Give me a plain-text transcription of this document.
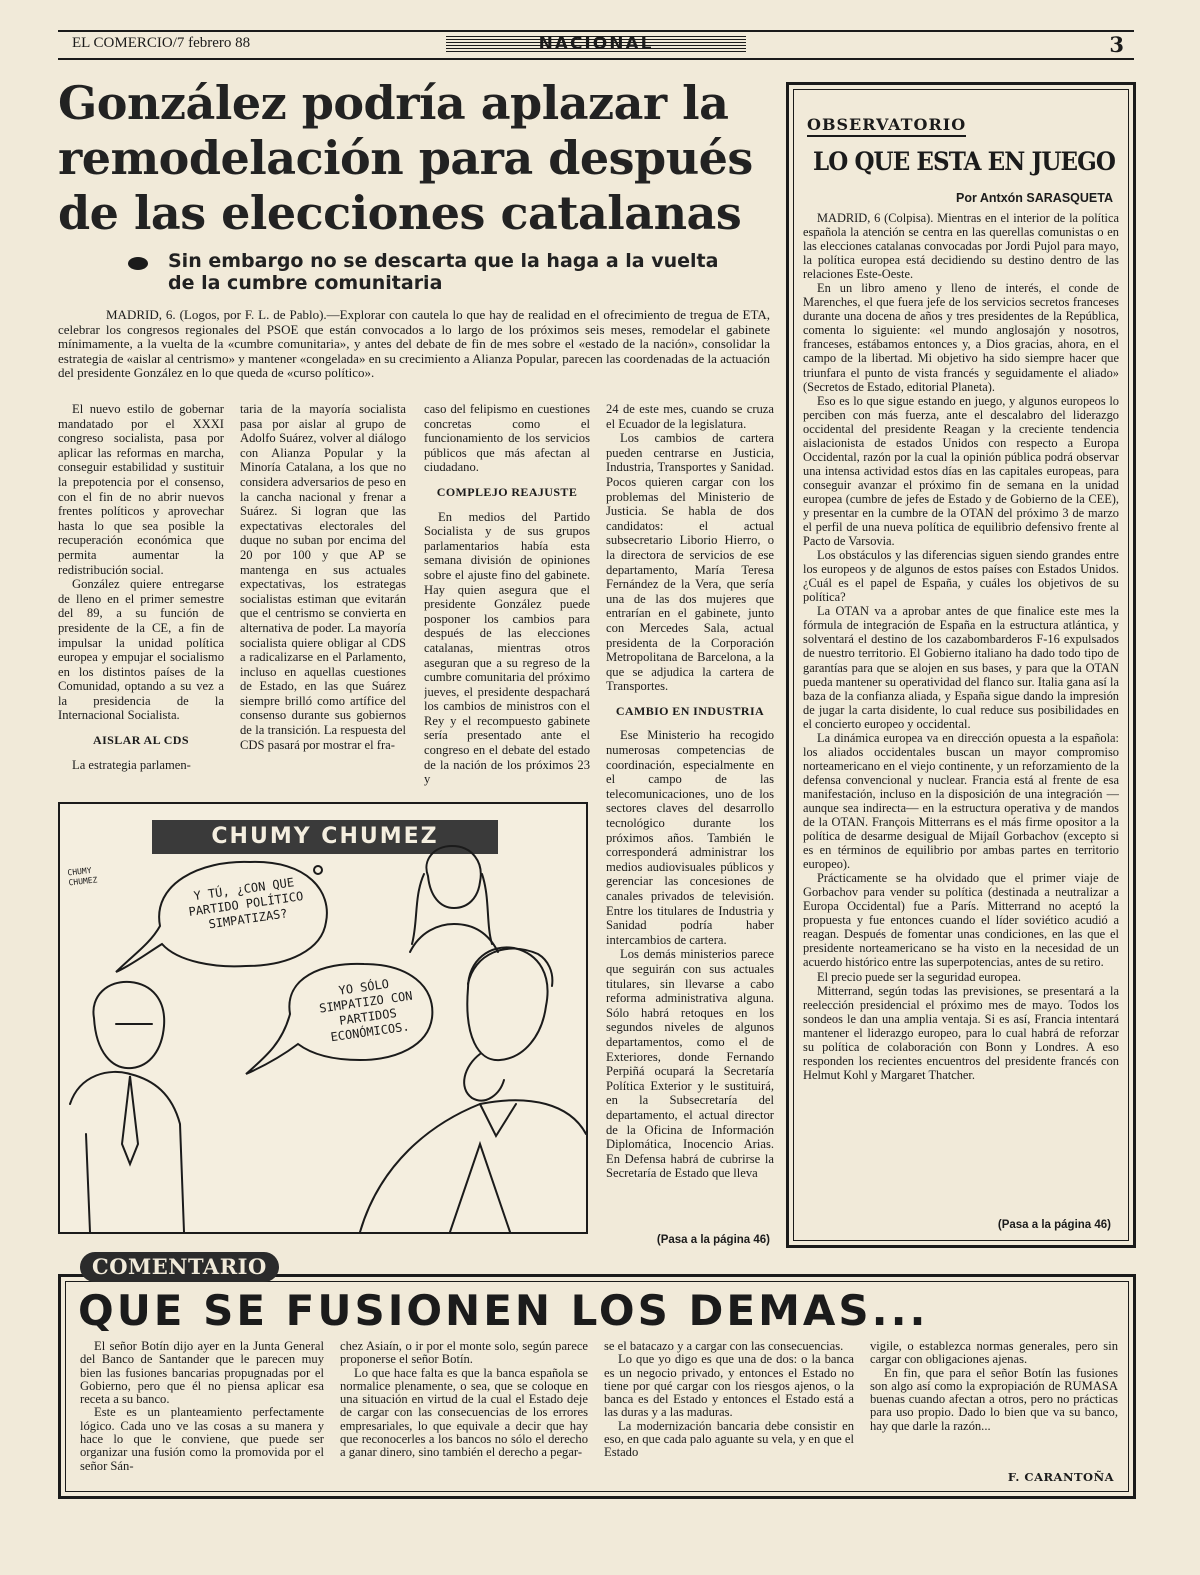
EL COMERCIO/7 febrero 88	NACIONAL	3
González podría aplazar la remodelación para después de las elecciones catalanas
Sin embargo no se descarta que la haga a la vuelta de la cumbre comunitaria
MADRID, 6. (Logos, por F. L. de Pablo).—Explorar con cautela lo que hay de realidad en el ofrecimiento de tregua de ETA, celebrar los congresos regionales del PSOE que están convocados a lo largo de los próximos seis meses, remodelar el gabinete mínimamente, a la vuelta de la «cumbre comunitaria», y antes del debate de fin de mes sobre el «estado de la nación», consolidar la estrategia de «aislar al centrismo» y mantener «congelada» en su crecimiento a Alianza Popular, parecen las coordenadas de la actuación del presidente González en lo que queda de «curso político».

El nuevo estilo de gobernar mandatado por el XXXI congreso socialista, pasa por aplicar las reformas en marcha, conseguir estabilidad y sustituir la prepotencia por el consenso, con el fin de no abrir nuevos frentes políticos y aprovechar hasta lo que sea posible la recuperación económica que permita aumentar la redistribución social.

González quiere entregarse de lleno en el primer semestre del 89, a su función de presidente de la CE, a fin de impulsar la unidad política europea y empujar el socialismo en los distintos países de la Comunidad, optando a su vez a la presidencia de la Internacional Socialista.

AISLAR AL CDS

La estrategia parlamen-

taria de la mayoría socialista pasa por aislar al grupo de Adolfo Suárez, volver al diálogo con Alianza Popular y la Minoría Catalana, a los que no considera adversarios de peso en la cancha nacional y frenar a Suárez. Si logran que las expectativas electorales del duque no suban por encima del 20 por 100 y que AP se mantenga en sus actuales expectativas, los estrategas socialistas estiman que evitarán que el centrismo se convierta en alternativa de poder. La mayoría socialista quiere obligar al CDS a radicalizarse en el Parlamento, incluso en aquellas cuestiones de Estado, en las que Suárez siempre brilló como artífice del consenso durante sus gobiernos de la transición. La respuesta del CDS pasará por mostrar el fra-

caso del felipismo en cuestiones concretas como el funcionamiento de los servicios públicos que más afectan al ciudadano.

COMPLEJO REAJUSTE

En medios del Partido Socialista y de sus grupos parlamentarios había esta semana división de opiniones sobre el ajuste fino del gabinete. Hay quien asegura que el presidente González puede posponer los cambios para después de las elecciones catalanas, mientras otros aseguran que a su regreso de la cumbre comunitaria del próximo jueves, el presidente despachará los cambios de ministros con el Rey y el recompuesto gabinete sería presentado ante el congreso en el debate del estado de la nación de los próximos 23 y

24 de este mes, cuando se cruza el Ecuador de la legislatura.

Los cambios de cartera pueden centrarse en Justicia, Industria, Transportes y Sanidad. Pocos quieren cargar con los problemas del Ministerio de Justicia. Se habla de dos candidatos: el actual subsecretario Liborio Hierro, o la directora de servicios de ese departamento, María Teresa Fernández de la Vera, que sería una de las dos mujeres que entrarían en el gabinete, junto con Mercedes Sala, actual presidenta de la Corporación Metropolitana de Barcelona, a la que se adjudica la cartera de Transportes.

CAMBIO EN INDUSTRIA

Ese Ministerio ha recogido numerosas competencias de coordinación, especialmente en el campo de las telecomunicaciones, uno de los sectores claves del desarrollo tecnológico durante los próximos años. También le corresponderá administrar los medios audiovisuales públicos y gerenciar las concesiones de canales privados de televisión. Entre los titulares de Industria y Sanidad podría haber intercambios de cartera.

Los demás ministerios parece que seguirán con sus actuales titulares, sin llevarse a cabo reforma administrativa alguna. Sólo habrá retoques en los segundos niveles de algunos departamentos, como el de Exteriores, donde Fernando Perpiñá ocupará la Secretaría Política Exterior y le sustituirá, en la Subsecretaría del departamento, el actual director de la Oficina de Información Diplomática, Inocencio Arias. En Defensa habrá de cubrirse la Secretaría de Estado que lleva

(Pasa a la página 46)
CHUMY CHUMEZ
CHUMY CHUMEZ	Y TÚ, ¿CON QUE PARTIDO POLÍTICO SIMPATIZAS?
YO SÓLO SIMPATIZO CON PARTIDOS ECONÓMICOS.
OBSERVATORIO
LO QUE ESTA EN JUEGO
Por Antxón SARASQUETA

MADRID, 6 (Colpisa). Mientras en el interior de la política española la atención se centra en las querellas comunistas o en las elecciones catalanas convocadas por Jordi Pujol para mayo, la política europea está decidiendo su destino dentro de las relaciones Este-Oeste.

En un libro ameno y lleno de interés, el conde de Marenches, el que fuera jefe de los servicios secretos franceses durante una docena de años y tres presidentes de la República, comenta lo siguiente: «el mundo anglosajón y nosotros, franceses, estábamos entonces y, a Dios gracias, ahora, en el campo de la libertad. Mi objetivo ha sido siempre hacer que triunfara el punto de vista francés y seguidamente el aliado» (Secretos de Estado, editorial Planeta).

Eso es lo que sigue estando en juego, y algunos europeos lo perciben con más fuerza, ante el descalabro del liderazgo occidental del presidente Reagan y la creciente tendencia aislacionista de estados Unidos con respecto a Europa Occidental, razón por la cual la opinión pública podrá observar una intensa actividad estos días en las capitales europeas, para conseguir avanzar el próximo fin de semana en la unidad europea (cumbre de jefes de Estado y de Gobierno de la CEE), y presentar en la cumbre de la OTAN del próximo 3 de marzo el perfil de una nueva política de equilibrio defensivo frente al Pacto de Varsovia.

Los obstáculos y las diferencias siguen siendo grandes entre los europeos y de algunos de estos países con Estados Unidos. ¿Cuál es el papel de España, y cuáles los objetivos de su política?

La OTAN va a aprobar antes de que finalice este mes la fórmula de integración de España en la estructura atlántica, y solventará el destino de los cazabombarderos F-16 expulsados de nuestro territorio. El Gobierno italiano ha dado todo tipo de garantías para que se alojen en sus bases, y para que la OTAN pueda mantener su operatividad del flanco sur. Italia gana así la baza de la confianza aliada, y España sigue dando la impresión de jugar la carta disidente, lo cual reduce sus posibilidades en el concierto europeo y occidental.

La dinámica europea va en dirección opuesta a la española: los aliados occidentales buscan un mayor compromiso norteamericano en el viejo continente, y un reforzamiento de la defensa convencional y nuclear. Francia está al frente de esa manifestación, incluso en la disposición de una integración —aunque sea indirecta— en la estructura operativa y de mandos de la OTAN. François Mitterrans es el más firme opositor a la política de desarme desigual de Mijaíl Gorbachov (excepto si es en términos de equilibrio por ambas partes en territorio europeo).

Prácticamente se ha olvidado que el primer viaje de Gorbachov para vender su política (destinada a neutralizar a Europa Occidental) fue a París. Mitterrand no aceptó la propuesta y fue entonces cuando el líder soviético acudió a reagan. Después de fomentar unas condiciones, en las que el presidente norteamericano se ha visto en la necesidad de un acuerdo histórico entre las superpotencias, antes de su retiro.

El precio puede ser la seguridad europea.

Mitterrand, según todas las previsiones, se presentará a la reelección presidencial el próximo mes de mayo. Todos los sondeos le dan una amplia ventaja. Si es así, Francia intentará mantener el liderazgo europeo, para lo cual habrá de reforzar su política de colaboración con Bonn y Londres. A eso responden los recientes encuentros del presidente francés con Helmut Kohl y Margaret Thatcher.

(Pasa a la página 46)
COMENTARIO
QUE SE FUSIONEN LOS DEMAS...

El señor Botín dijo ayer en la Junta General del Banco de Santander que le parecen muy bien las fusiones bancarias propugnadas por el Gobierno, pero que él no piensa aplicar esa receta a su banco.

Este es un planteamiento perfectamente lógico. Cada uno ve las cosas a su manera y hace lo que le conviene, que puede ser organizar una fusión como la promovida por el señor Sán-

chez Asiaín, o ir por el monte solo, según parece proponerse el señor Botín.

Lo que hace falta es que la banca española se normalice plenamente, o sea, que se coloque en una situación en virtud de la cual el Estado deje de cargar con las consecuencias de los errores empresariales, lo que equivale a decir que hay que reconocerles a los bancos no sólo el derecho a ganar dinero, sino también el derecho a pegar-

se el batacazo y a cargar con las consecuencias.

Lo que yo digo es que una de dos: o la banca es un negocio privado, y entonces el Estado no tiene por qué cargar con los riesgos ajenos, o la banca es del Estado y entonces el Estado está a las duras y a las maduras.

La modernización bancaria debe consistir en eso, en que cada palo aguante su vela, y en que el Estado

vigile, o establezca normas generales, pero sin cargar con obligaciones ajenas.

En fin, que para el señor Botín las fusiones son algo así como la expropiación de RUMASA buenas cuando afectan a otros, pero no prácticas para uso propio. Dado lo bien que va su banco, hay que darle la razón...

F. CARANTOÑA
